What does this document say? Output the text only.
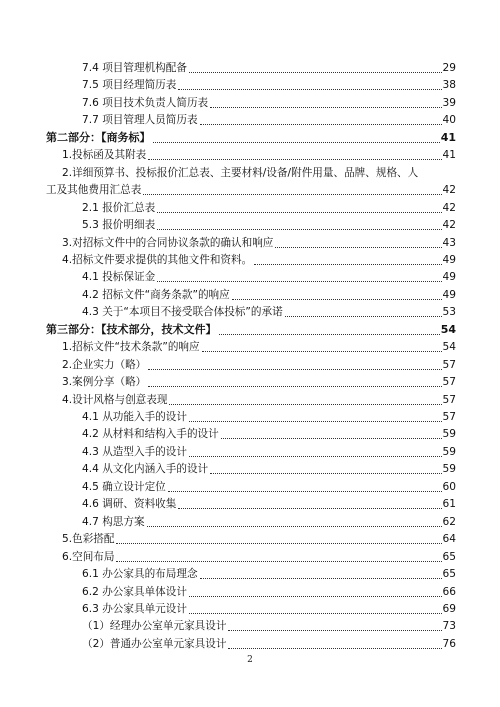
7.4 项目管理机构配备	29
7.5 项目经理简历表	38
7.6 项目技术负责人简历表	39
7.7 项目管理人员简历表	40
第二部分：【商务标】	41
1.投标函及其附表	41
2.详细预算书、投标报价汇总表、主要材料/设备/附件用量、品牌、规格、人
工及其他费用汇总表	42
2.1 报价汇总表	42
5.3 报价明细表	42
3.对招标文件中的合同协议条款的确认和响应	43
4.招标文件要求提供的其他文件和资料。	49
4.1 投标保证金	49
4.2 招标文件“商务条款”的响应	49
4.3 关于“本项目不接受联合体投标”的承诺	53
第三部分：【技术部分，技术文件】	54
1.招标文件“技术条款”的响应	54
2.企业实力（略）	57
3.案例分享（略）	57
4.设计风格与创意表现	57
4.1 从功能入手的设计	57
4.2 从材料和结构入手的设计	59
4.3 从造型入手的设计	59
4.4 从文化内涵入手的设计	59
4.5 确立设计定位	60
4.6 调研、资料收集	61
4.7 构思方案	62
5.色彩搭配	64
6.空间布局	65
6.1 办公家具的布局理念	65
6.2 办公家具单体设计	66
6.3 办公家具单元设计	69
（1）经理办公室单元家具设计	73
（2）普通办公室单元家具设计	76
2
